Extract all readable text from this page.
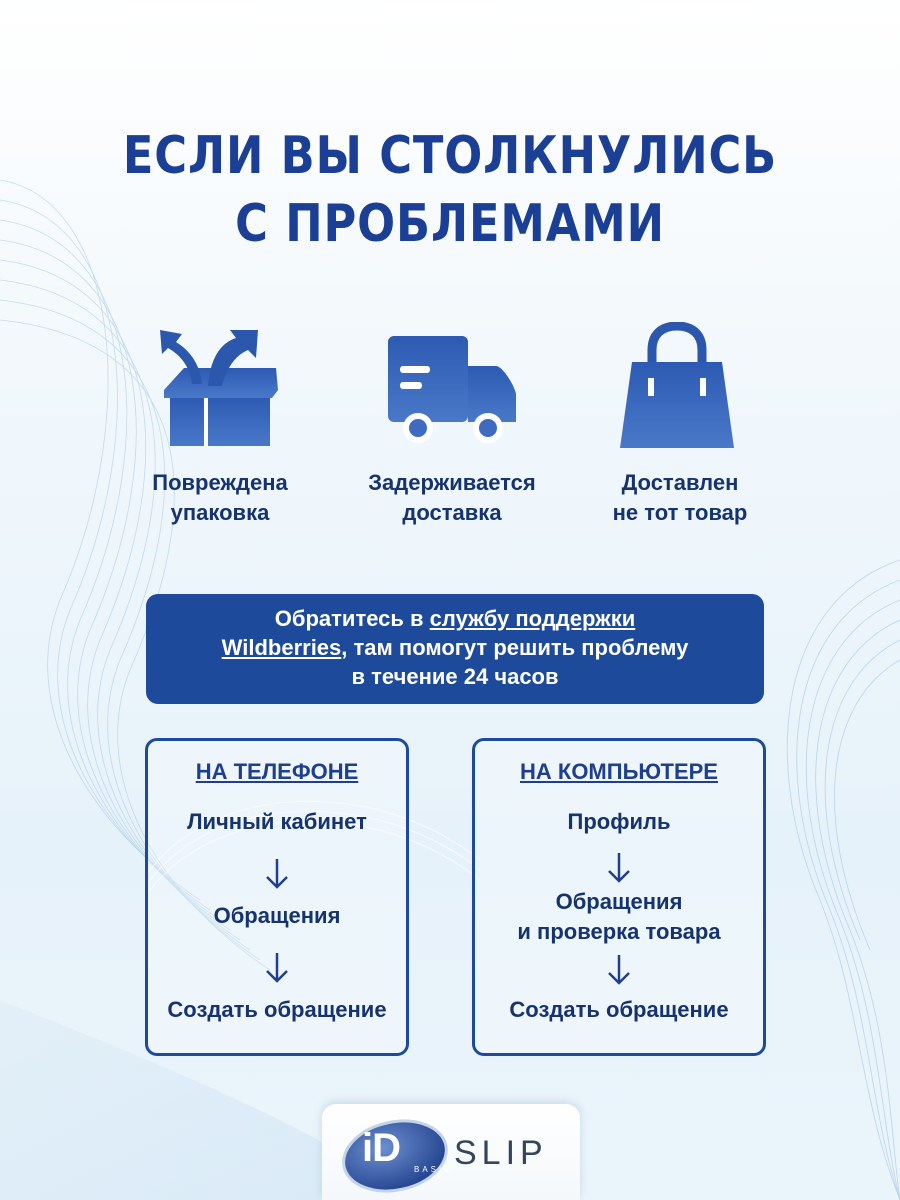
ЕСЛИ ВЫ СТОЛКНУЛИСЬ
С ПРОБЛЕМАМИ
Повреждена
упаковка
Задерживается
доставка
Доставлен
не тот товар
Обратитесь в службу поддержки
Wildberries, там помогут решить проблему
в течение 24 часов
НА ТЕЛЕФОНЕ
Личный кабинет
Обращения
Создать обращение
НА КОМПЬЮТЕРЕ
Профиль
Обращения
и проверка товара
Создать обращение
iD BASIC SLIP
